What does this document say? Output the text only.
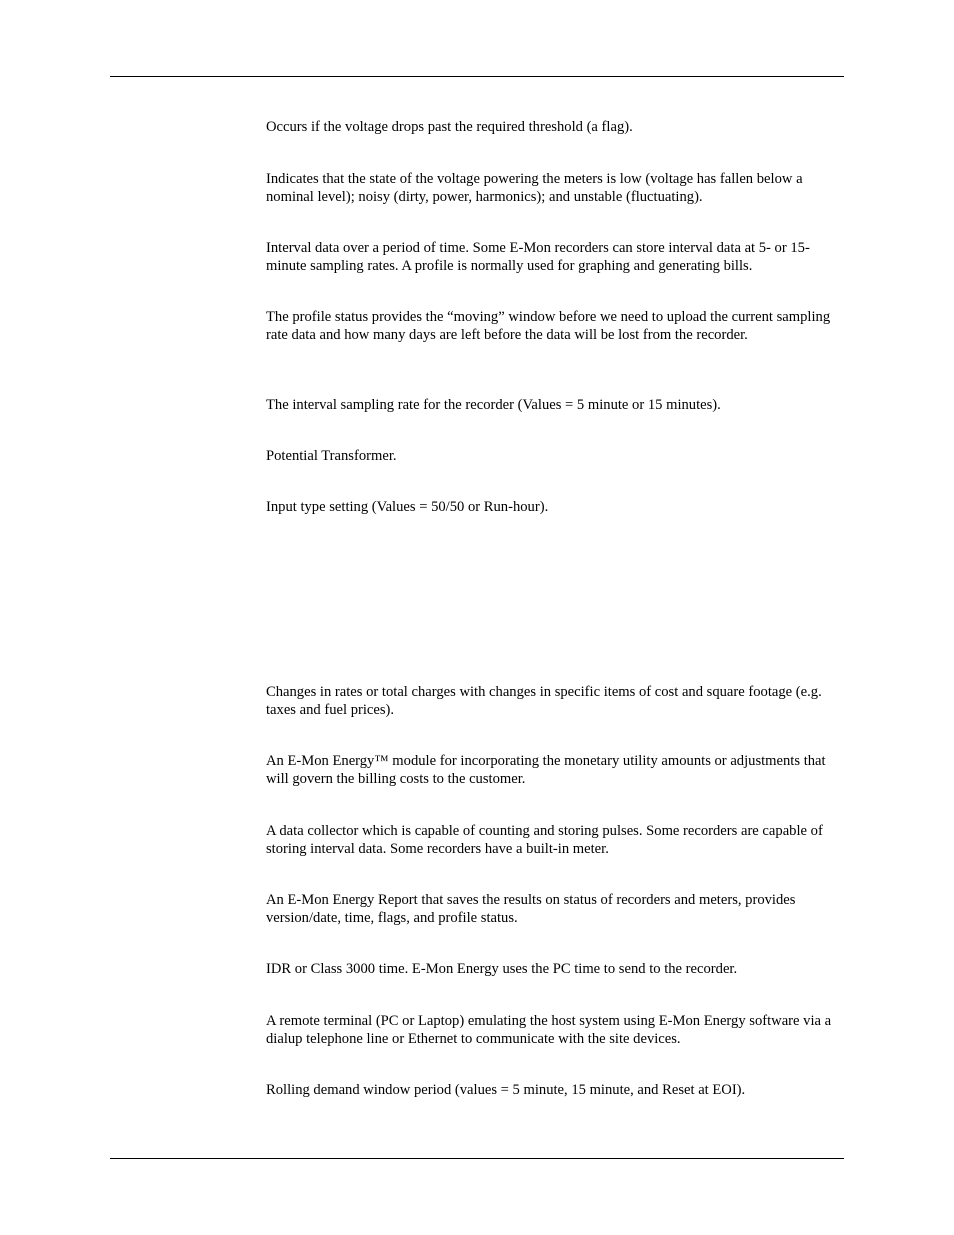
Occurs if the voltage drops past the required threshold (a flag).

Indicates that the state of the voltage powering the meters is low (voltage has fallen below a nominal level); noisy (dirty, power, harmonics); and unstable (fluctuating).

Interval data over a period of time. Some E-Mon recorders can store interval data at 5- or 15-minute sampling rates. A profile is normally used for graphing and generating bills.

The profile status provides the “moving” window before we need to upload the current sampling rate data and how many days are left before the data will be lost from the recorder.

The interval sampling rate for the recorder (Values = 5 minute or 15 minutes).

Potential Transformer.

Input type setting (Values = 50/50 or Run-hour).

Changes in rates or total charges with changes in specific items of cost and square footage (e.g. taxes and fuel prices).

An E-Mon Energy™ module for incorporating the monetary utility amounts or adjustments that will govern the billing costs to the customer.

A data collector which is capable of counting and storing pulses. Some recorders are capable of storing interval data. Some recorders have a built-in meter.

An E-Mon Energy Report that saves the results on status of recorders and meters, provides version/date, time, flags, and profile status.

IDR or Class 3000 time. E-Mon Energy uses the PC time to send to the recorder.

A remote terminal (PC or Laptop) emulating the host system using E-Mon Energy software via a dialup telephone line or Ethernet to communicate with the site devices.

Rolling demand window period (values = 5 minute, 15 minute, and Reset at EOI).
